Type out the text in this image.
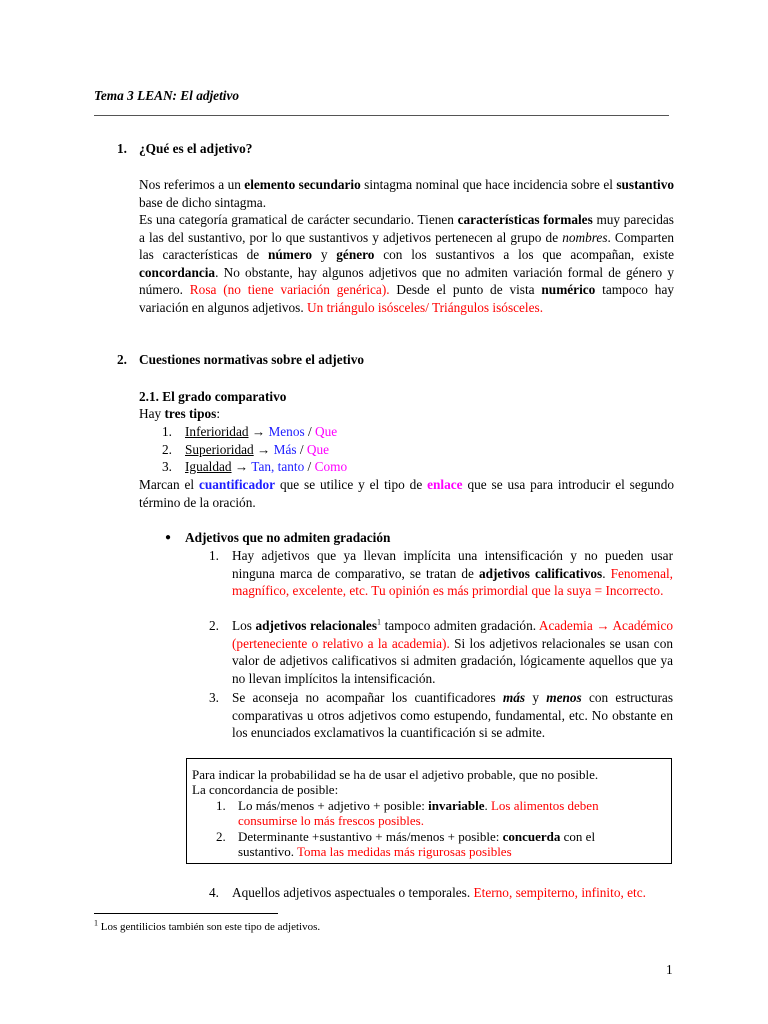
Tema 3 LEAN: El adjetivo
1. ¿Qué es el adjetivo?
Nos referimos a un elemento secundario sintagma nominal que hace incidencia sobre el sustantivo base de dicho sintagma.
Es una categoría gramatical de carácter secundario. Tienen características formales muy parecidas a las del sustantivo, por lo que sustantivos y adjetivos pertenecen al grupo de nombres. Comparten las características de número y género con los sustantivos a los que acompañan, existe concordancia. No obstante, hay algunos adjetivos que no admiten variación formal de género y número. Rosa (no tiene variación genérica). Desde el punto de vista numérico tampoco hay variación en algunos adjetivos. Un triángulo isósceles/ Triángulos isósceles.
2. Cuestiones normativas sobre el adjetivo
2.1. El grado comparativo
Hay tres tipos:
1. Inferioridad → Menos / Que
2. Superioridad → Más / Que
3. Igualdad → Tan, tanto / Como
Marcan el cuantificador que se utilice y el tipo de enlace que se usa para introducir el segundo término de la oración.
● Adjetivos que no admiten gradación
1. Hay adjetivos que ya llevan implícita una intensificación y no pueden usar ninguna marca de comparativo, se tratan de adjetivos calificativos. Fenomenal, magnífico, excelente, etc. Tu opinión es más primordial que la suya = Incorrecto.
2. Los adjetivos relacionales$^1$ tampoco admiten gradación. Academia → Académico (perteneciente o relativo a la academia). Si los adjetivos relacionales se usan con valor de adjetivos calificativos si admiten gradación, lógicamente aquellos que ya no llevan implícitos la intensificación.
3. Se aconseja no acompañar los cuantificadores más y menos con estructuras comparativas u otros adjetivos como estupendo, fundamental, etc. No obstante en los enunciados exclamativos la cuantificación si se admite.
Para indicar la probabilidad se ha de usar el adjetivo probable, que no posible.
La concordancia de posible:
1. Lo más/menos + adjetivo + posible: invariable. Los alimentos deben
consumirse lo más frescos posibles.
2. Determinante +sustantivo + más/menos + posible: concuerda con el
sustantivo. Toma las medidas más rigurosas posibles
4. Aquellos adjetivos aspectuales o temporales. Eterno, sempiterno, infinito, etc.
$^1$ Los gentilicios también son este tipo de adjetivos.
1
